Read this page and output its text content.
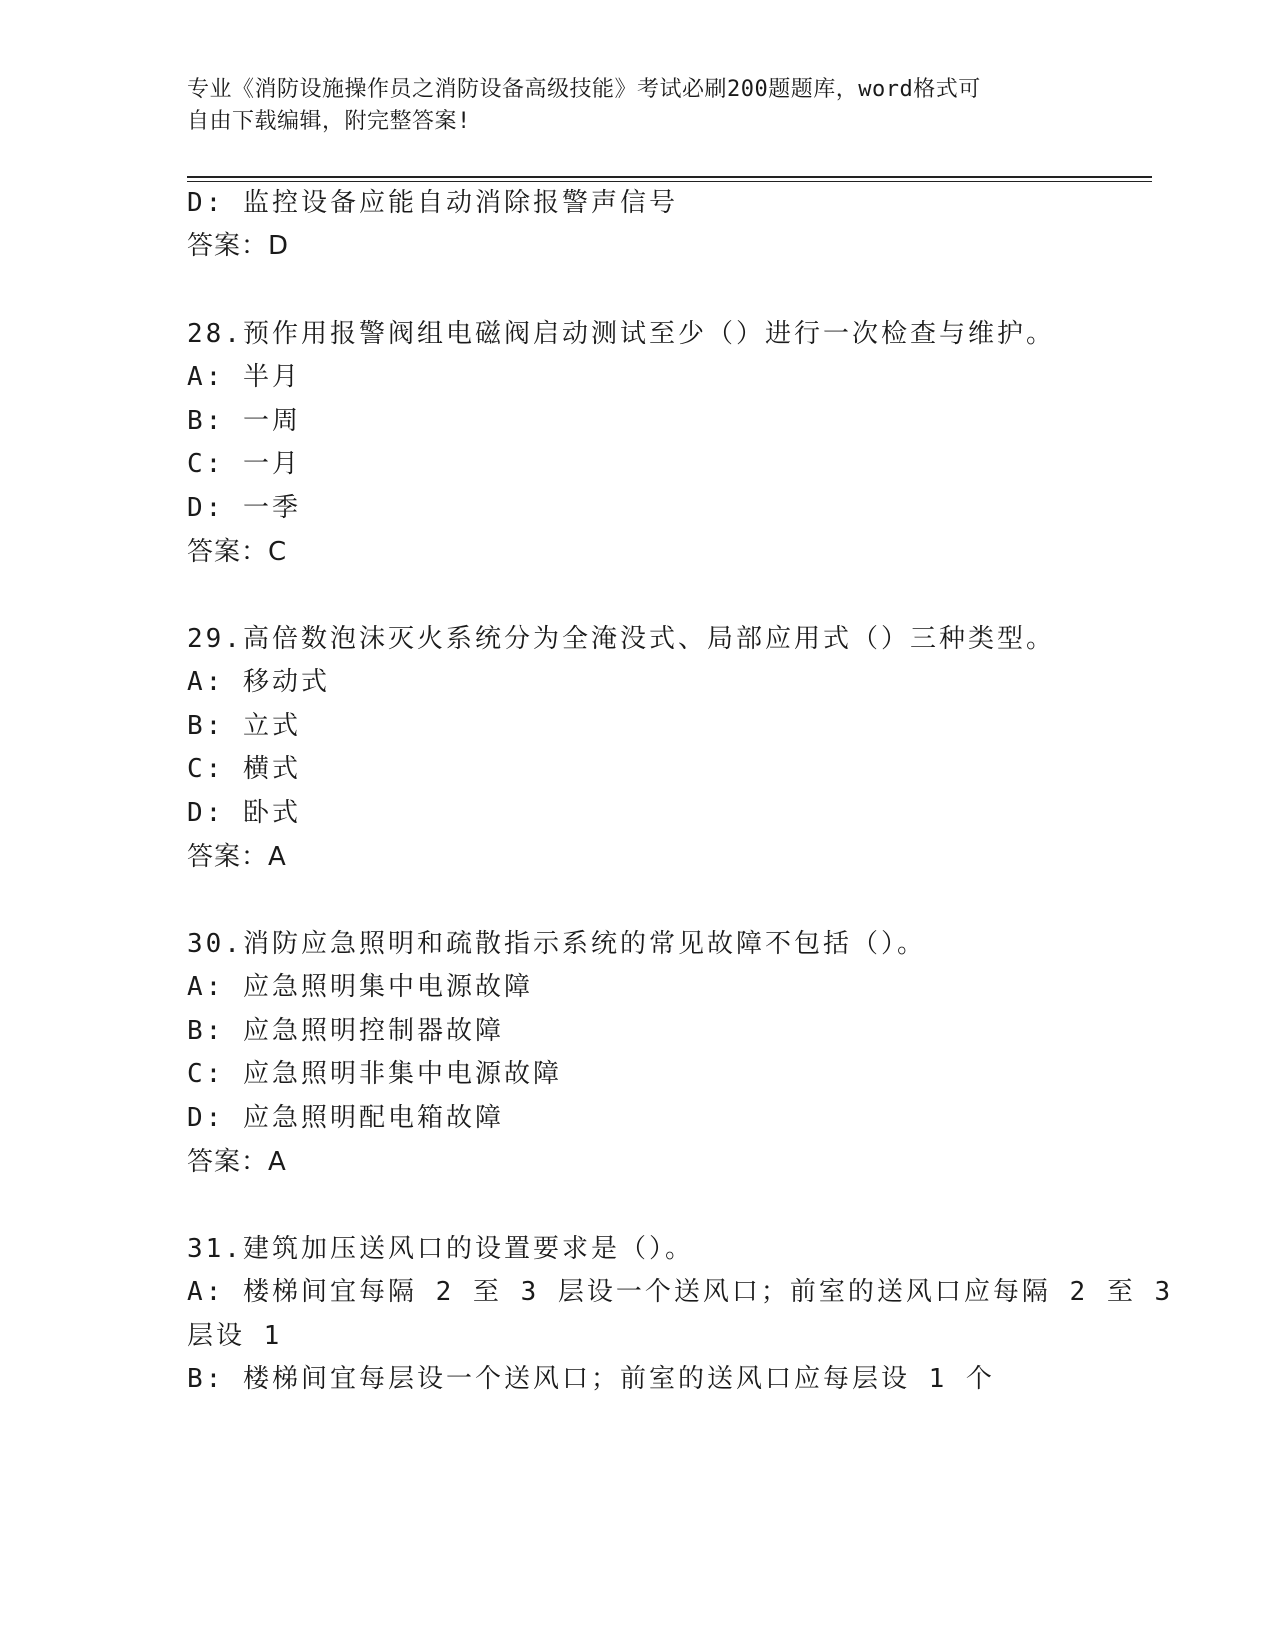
专业《消防设施操作员之消防设备高级技能》考试必刷200题题库，word格式可
自由下载编辑，附完整答案!
D: 监控设备应能自动消除报警声信号
答案：D
28.预作用报警阀组电磁阀启动测试至少（）进行一次检查与维护。
A: 半月
B: 一周
C: 一月
D: 一季
答案：C
29.高倍数泡沫灭火系统分为全淹没式、局部应用式（）三种类型。
A: 移动式
B: 立式
C: 横式
D: 卧式
答案：A
30.消防应急照明和疏散指示系统的常见故障不包括（）。
A: 应急照明集中电源故障
B: 应急照明控制器故障
C: 应急照明非集中电源故障
D: 应急照明配电箱故障
答案：A
31.建筑加压送风口的设置要求是（）。
A: 楼梯间宜每隔 2 至 3 层设一个送风口；前室的送风口应每隔 2 至 3
层设 1
B: 楼梯间宜每层设一个送风口；前室的送风口应每层设 1 个
